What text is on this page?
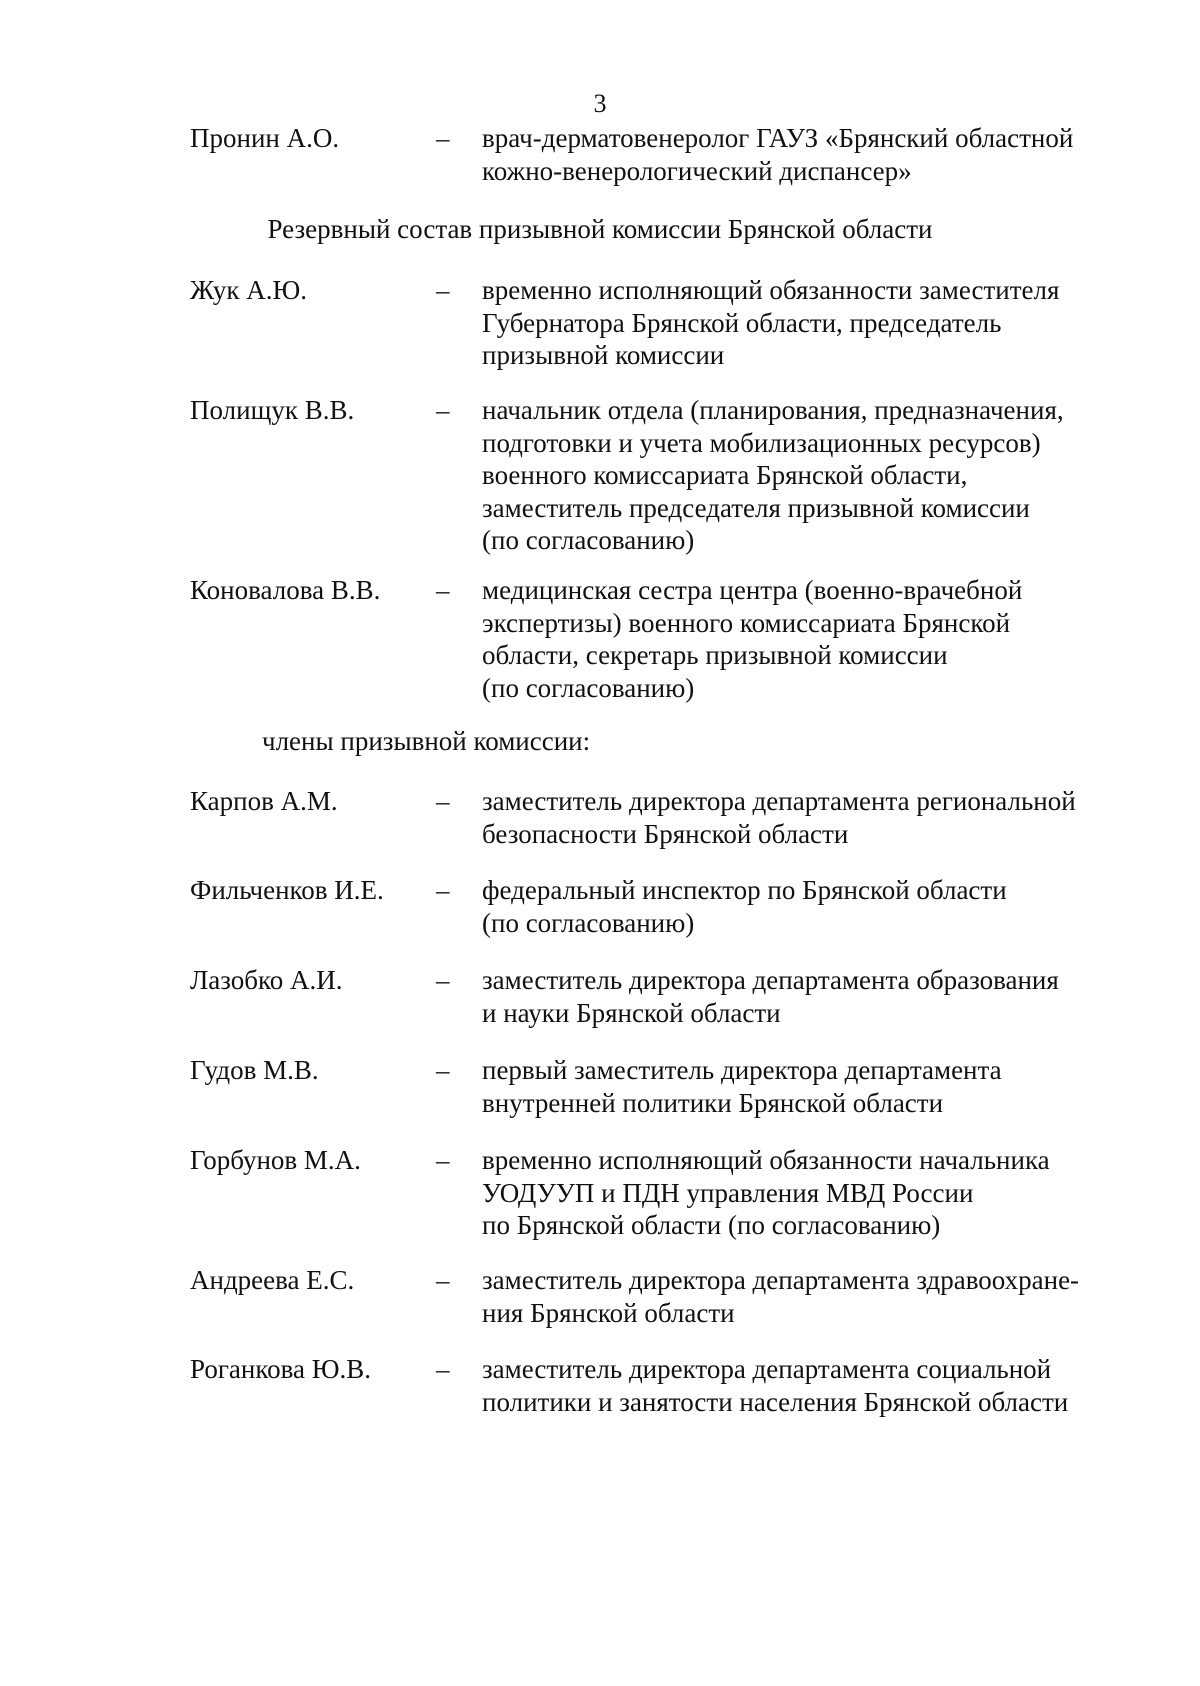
3
Пронин А.О.	– врач-дерматовенеролог ГАУЗ «Брянский областной
кожно-венерологический диспансер»
Резервный состав призывной комиссии Брянской области
Жук А.Ю.	– временно исполняющий обязанности заместителя
Губернатора Брянской области, председатель
призывной комиссии
Полищук В.В.	– начальник отдела (планирования, предназначения,
подготовки и учета мобилизационных ресурсов)
военного комиссариата Брянской области,
заместитель председателя призывной комиссии
(по согласованию)
Коновалова В.В. – медицинская сестра центра (военно-врачебной
экспертизы) военного комиссариата Брянской
области, секретарь призывной комиссии
(по согласованию)
члены призывной комиссии:
Карпов А.М.	– заместитель директора департамента региональной
безопасности Брянской области
Фильченков И.Е. – федеральный инспектор по Брянской области
(по согласованию)
Лазобко А.И.	– заместитель директора департамента образования
и науки Брянской области
Гудов М.В.	– первый заместитель директора департамента
внутренней политики Брянской области
Горбунов М.А.	– временно исполняющий обязанности начальника
УОДУУП и ПДН управления МВД России
по Брянской области (по согласованию)
Андреева Е.С.	– заместитель директора департамента здравоохране-
ния Брянской области
Роганкова Ю.В. – заместитель директора департамента социальной
политики и занятости населения Брянской области
